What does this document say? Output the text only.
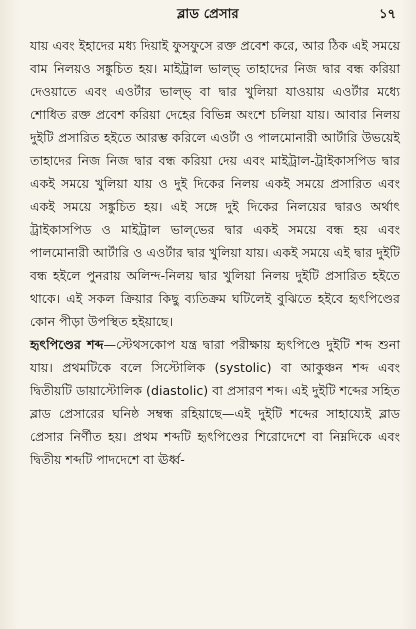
ব্লাড প্রেসার	১৭

যায় এবং ইহাদের মধ্য দিয়াই ফুসফুসে রক্ত প্রবেশ করে, আর ঠিক এই সময়ে বাম নিলয়ও সঙ্কুচিত হয়। মাইট্রাল ভাল্‌ভ্‌ তাহাদের নিজ দ্বার বন্ধ করিয়া দেওয়াতে এবং এওর্টার ভাল্‌ভ্‌ বা দ্বার খুলিয়া যাওয়ায় এওর্টার মধ্যে শোধিত রক্ত প্রবেশ করিয়া দেহের বিভিন্ন অংশে চলিয়া যায়। আবার নিলয় দুইটি প্রসারিত হইতে আরম্ভ করিলে এওর্টা ও পালমোনারী আর্টারি উভয়েই তাহাদের নিজ নিজ দ্বার বন্ধ করিয়া দেয় এবং মাইট্রাল-ট্রাইকাসপিড দ্বার একই সময়ে খুলিয়া যায় ও দুই দিকের নিলয় একই সময়ে প্রসারিত এবং একই সময়ে সঙ্কুচিত হয়। এই সঙ্গে দুই দিকের নিলয়ের দ্বারও অর্থাৎ ট্রাইকাসপিড ও মাইট্রাল ভাল্‌ভের দ্বার একই সময়ে বন্ধ হয় এবং পালমোনারী আর্টারি ও এওর্টার দ্বার খুলিয়া যায়। একই সময়ে এই দ্বার দুইটি বন্ধ হইলে পুনরায় অলিন্দ-নিলয় দ্বার খুলিয়া নিলয় দুইটি প্রসারিত হইতে থাকে। এই সকল ক্রিয়ার কিছু ব্যতিক্রম ঘটিলেই বুঝিতে হইবে হৃৎপিণ্ডের কোন পীড়া উপস্থিত হইয়াছে।

হৃৎপিণ্ডের শব্দ—স্টেথসকোপ যন্ত্র দ্বারা পরীক্ষায় হৃৎপিণ্ডে দুইটি শব্দ শুনা যায়। প্রথমটিকে বলে সিস্টোলিক (systolic) বা আকুঞ্চন শব্দ এবং দ্বিতীয়টি ডায়াস্টোলিক (diastolic) বা প্রসারণ শব্দ। এই দুইটি শব্দের সহিত ব্লাড প্রেসারের ঘনিষ্ঠ সম্বন্ধ রহিয়াছে—এই দুইটি শব্দের সাহায্যেই ব্লাড প্রেসার নির্ণীত হয়। প্রথম শব্দটি হৃৎপিণ্ডের শিরোদেশে বা নিম্নদিকে এবং দ্বিতীয় শব্দটি পাদদেশে বা ঊর্ধ্ব-
